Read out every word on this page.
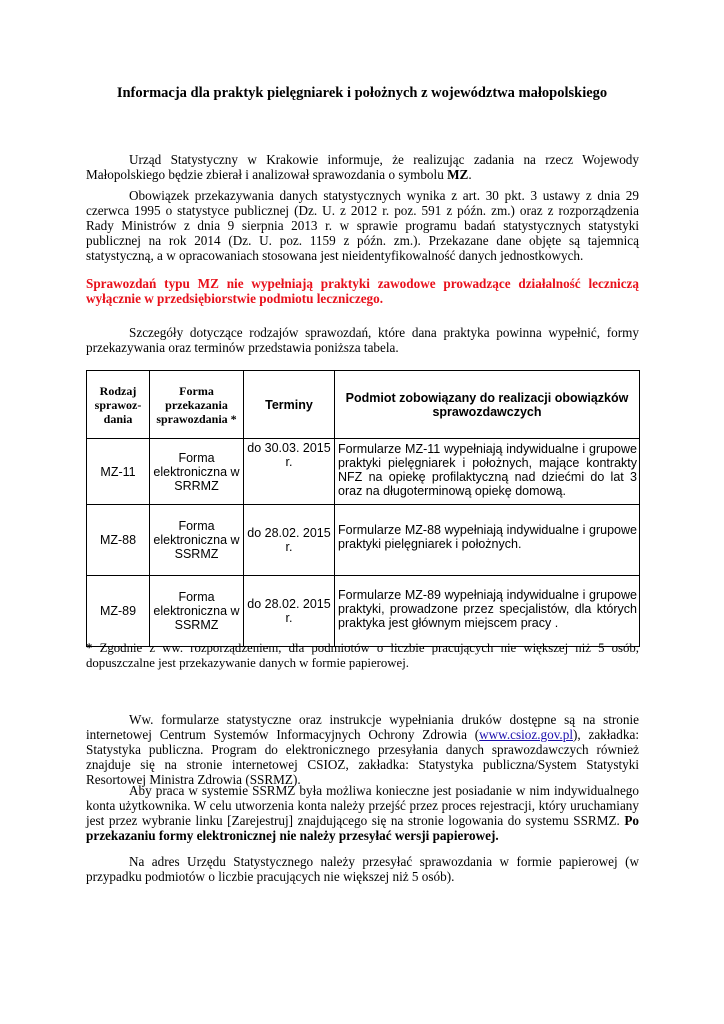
Informacja dla praktyk pielęgniarek i położnych z województwa małopolskiego

Urząd Statystyczny w Krakowie informuje, że realizując zadania na rzecz Wojewody Małopolskiego będzie zbierał i analizował sprawozdania o symbolu MZ.

Obowiązek przekazywania danych statystycznych wynika z art. 30 pkt. 3 ustawy z dnia 29 czerwca 1995 o statystyce publicznej (Dz. U. z 2012 r. poz. 591 z późn. zm.) oraz z rozporządzenia Rady Ministrów z dnia 9 sierpnia 2013 r. w sprawie programu badań statystycznych statystyki publicznej na rok 2014 (Dz. U. poz. 1159 z późn. zm.). Przekazane dane objęte są tajemnicą statystyczną, a w opracowaniach stosowana jest nieidentyfikowalność danych jednostkowych.

Sprawozdań typu MZ nie wypełniają praktyki zawodowe prowadzące działalność leczniczą wyłącznie w przedsiębiorstwie podmiotu leczniczego.

Szczegóły dotyczące rodzajów sprawozdań, które dana praktyka powinna wypełnić, formy przekazywania oraz terminów przedstawia poniższa tabela.

Rodzaj sprawoz-dania	Forma przekazania sprawozdania *	Terminy	Podmiot zobowiązany do realizacji obowiązków sprawozdawczych
MZ-11	Forma elektroniczna w SRRMZ	do 30.03. 2015 r.	Formularze MZ-11 wypełniają indywidualne i grupowe praktyki pielęgniarek i położnych, mające kontrakty NFZ na opiekę profilaktyczną nad dziećmi do lat 3 oraz na długoterminową opiekę domową.
MZ-88	Forma elektroniczna w SSRMZ	do 28.02. 2015 r.	Formularze MZ-88 wypełniają indywidualne i grupowe praktyki pielęgniarek i położnych.
MZ-89	Forma elektroniczna w SSRMZ	do 28.02. 2015 r.	Formularze MZ-89 wypełniają indywidualne i grupowe praktyki, prowadzone przez specjalistów, dla których praktyka jest głównym miejscem pracy .

* Zgodnie z ww. rozporządzeniem, dla podmiotów o liczbie pracujących nie większej niż 5 osób, dopuszczalne jest przekazywanie danych w formie papierowej.

Ww. formularze statystyczne oraz instrukcje wypełniania druków dostępne są na stronie internetowej Centrum Systemów Informacyjnych Ochrony Zdrowia (www.csioz.gov.pl), zakładka: Statystyka publiczna. Program do elektronicznego przesyłania danych sprawozdawczych również znajduje się na stronie internetowej CSIOZ, zakładka: Statystyka publiczna/System Statystyki Resortowej Ministra Zdrowia (SSRMZ).

Aby praca w systemie SSRMZ była możliwa konieczne jest posiadanie w nim indywidualnego konta użytkownika. W celu utworzenia konta należy przejść przez proces rejestracji, który uruchamiany jest przez wybranie linku [Zarejestruj] znajdującego się na stronie logowania do systemu SSRMZ. Po przekazaniu formy elektronicznej nie należy przesyłać wersji papierowej.

Na adres Urzędu Statystycznego należy przesyłać sprawozdania w formie papierowej (w przypadku podmiotów o liczbie pracujących nie większej niż 5 osób).
